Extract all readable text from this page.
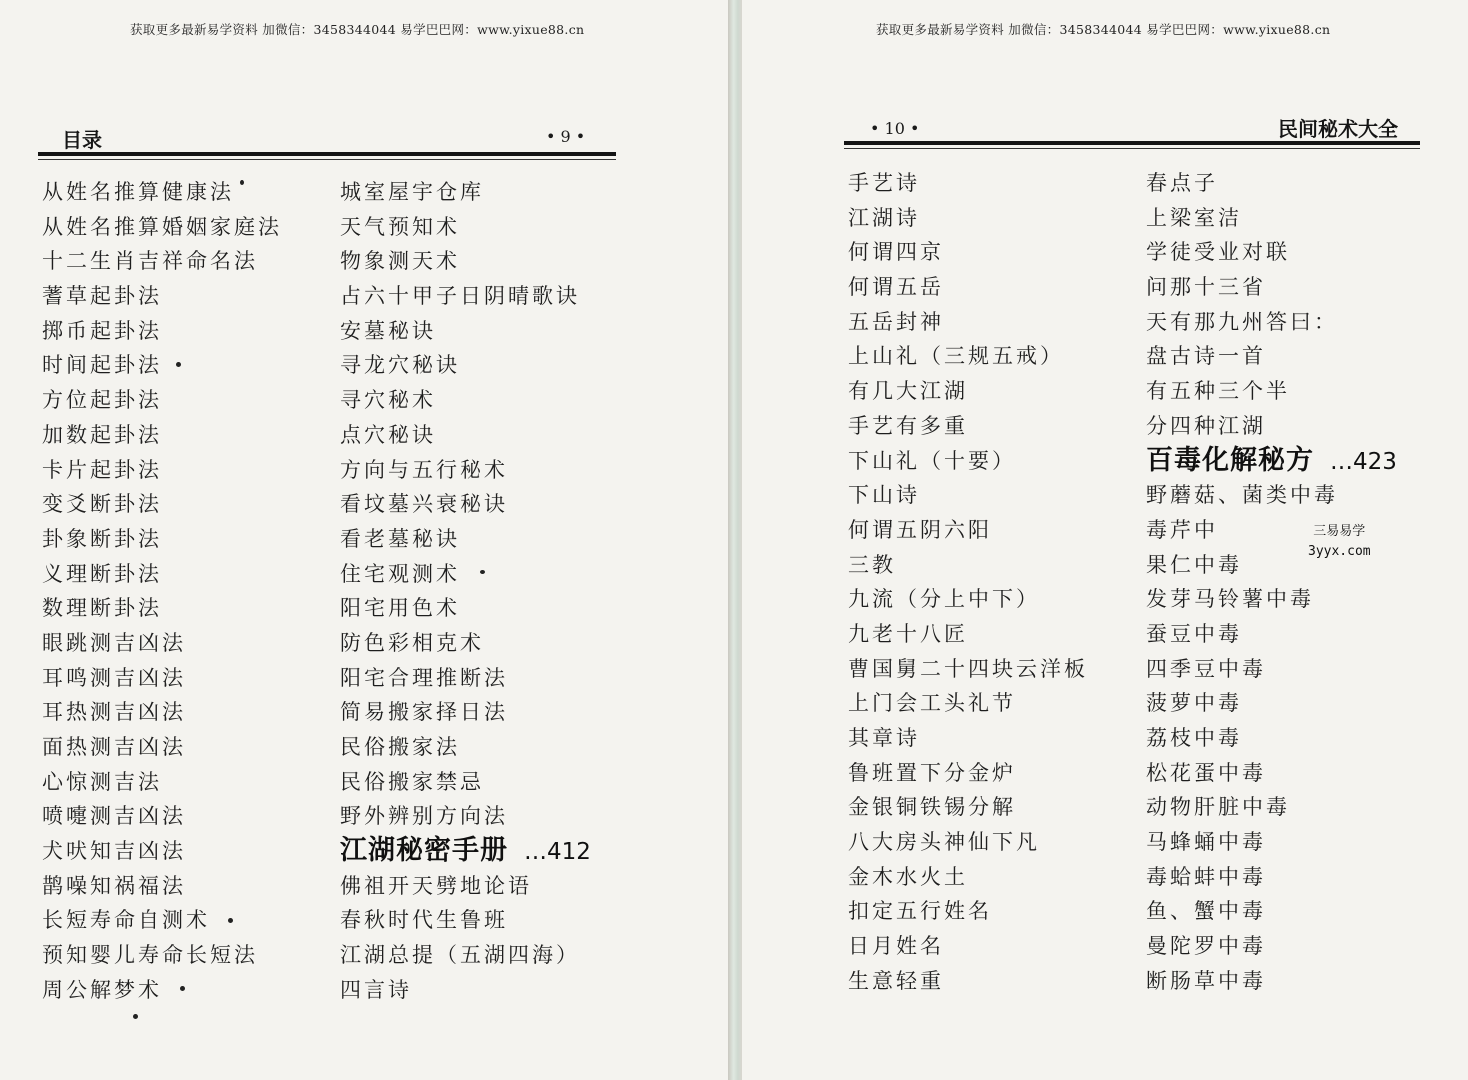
获取更多最新易学资料 加微信：3458344044 易学巴巴网：www.yixue88.cn
目录	• 9 •
从姓名推算健康法
从姓名推算婚姻家庭法
十二生肖吉祥命名法
蓍草起卦法
掷币起卦法
时间起卦法
方位起卦法
加数起卦法
卡片起卦法
变爻断卦法
卦象断卦法
义理断卦法
数理断卦法
眼跳测吉凶法
耳鸣测吉凶法
耳热测吉凶法
面热测吉凶法
心惊测吉法
喷嚏测吉凶法
犬吠知吉凶法
鹊噪知祸福法
长短寿命自测术
预知婴儿寿命长短法
周公解梦术
城室屋宇仓库
天气预知术
物象测天术
占六十甲子日阴晴歌诀
安墓秘诀
寻龙穴秘诀
寻穴秘术
点穴秘诀
方向与五行秘术
看坟墓兴衰秘诀
看老墓秘诀
住宅观测术
阳宅用色术
防色彩相克术
阳宅合理推断法
简易搬家择日法
民俗搬家法
民俗搬家禁忌
野外辨别方向法
江湖秘密手册 …412
佛祖开天劈地论语
春秋时代生鲁班
江湖总提（五湖四海）
四言诗
获取更多最新易学资料 加微信：3458344044 易学巴巴网：www.yixue88.cn
• 10 •	民间秘术大全
手艺诗
江湖诗
何谓四京
何谓五岳
五岳封神
上山礼（三规五戒）
有几大江湖
手艺有多重
下山礼（十要）
下山诗
何谓五阴六阳
三教
九流（分上中下）
九老十八匠
曹国舅二十四块云洋板
上门会工头礼节
其章诗
鲁班置下分金炉
金银铜铁锡分解
八大房头神仙下凡
金木水火土
扣定五行姓名
日月姓名
生意轻重
春点子
上梁室洁
学徒受业对联
问那十三省
天有那九州答曰：
盘古诗一首
有五种三个半
分四种江湖
百毒化解秘方 …423
野蘑菇、菌类中毒
毒芹中
果仁中毒
发芽马铃薯中毒
蚕豆中毒
四季豆中毒
菠萝中毒
荔枝中毒
松花蛋中毒
动物肝脏中毒
马蜂蛹中毒
毒蛤蚌中毒
鱼、蟹中毒
曼陀罗中毒
断肠草中毒
三易易学
3yyx.com
